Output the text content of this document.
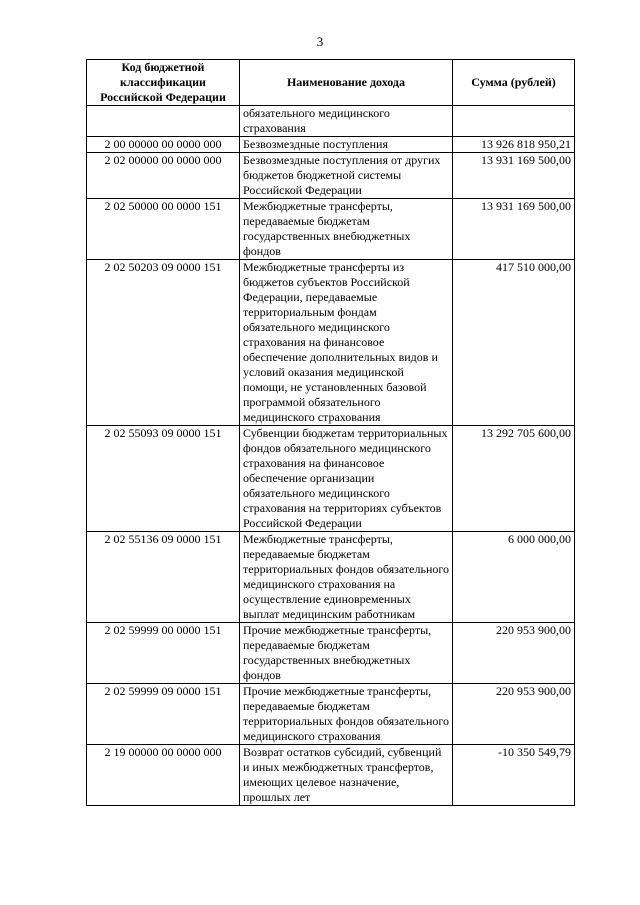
3
Код бюджетной классификации Российской Федерации	Наименование дохода	Сумма (рублей)
	обязательного медицинского страхования	
2 00 00000 00 0000 000	Безвозмездные поступления	13 926 818 950,21
2 02 00000 00 0000 000	Безвозмездные поступления от других бюджетов бюджетной системы Российской Федерации	13 931 169 500,00
2 02 50000 00 0000 151	Межбюджетные трансферты, передаваемые бюджетам государственных внебюджетных фондов	13 931 169 500,00
2 02 50203 09 0000 151	Межбюджетные трансферты из бюджетов субъектов Российской Федерации, передаваемые территориальным фондам обязательного медицинского страхования на финансовое обеспечение дополнительных видов и условий оказания медицинской помощи, не установленных базовой программой обязательного медицинского страхования	417 510 000,00
2 02 55093 09 0000 151	Субвенции бюджетам территориальных фондов обязательного медицинского страхования на финансовое обеспечение организации обязательного медицинского страхования на территориях субъектов Российской Федерации	13 292 705 600,00
2 02 55136 09 0000 151	Межбюджетные трансферты, передаваемые бюджетам территориальных фондов обязательного медицинского страхования на осуществление единовременных выплат медицинским работникам	6 000 000,00
2 02 59999 00 0000 151	Прочие межбюджетные трансферты, передаваемые бюджетам государственных внебюджетных фондов	220 953 900,00
2 02 59999 09 0000 151	Прочие межбюджетные трансферты, передаваемые бюджетам территориальных фондов обязательного медицинского страхования	220 953 900,00
2 19 00000 00 0000 000	Возврат остатков субсидий, субвенций и иных межбюджетных трансфертов, имеющих целевое назначение, прошлых лет	-10 350 549,79
